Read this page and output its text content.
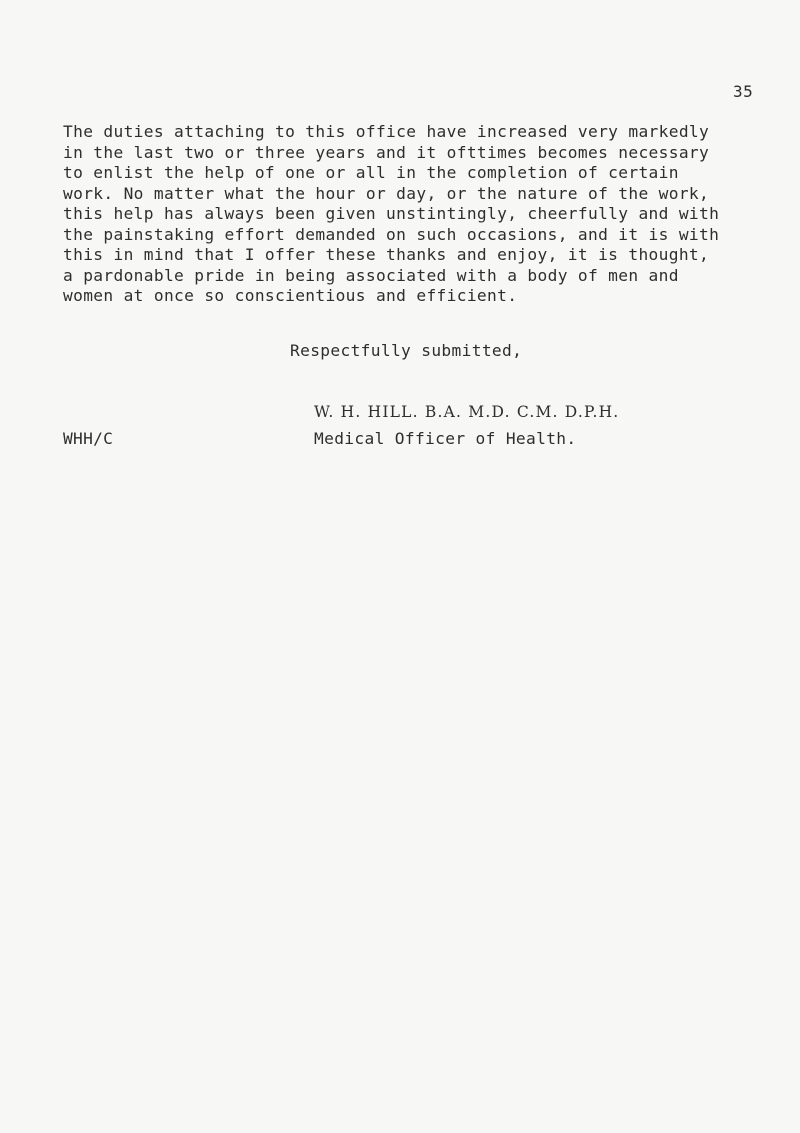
35
The duties attaching to this office have increased very markedly
in the last two or three years and it ofttimes becomes necessary
to enlist the help of one or all in the completion of certain
work. No matter what the hour or day, or the nature of the work,
this help has always been given unstintingly, cheerfully and with
the painstaking effort demanded on such occasions, and it is with
this in mind that I offer these thanks and enjoy, it is thought,
a pardonable pride in being associated with a body of men and
women at once so conscientious and efficient.
Respectfully submitted,
W. H. HILL. B.A. M.D. C.M. D.P.H.
WHH/C	Medical Officer of Health.
